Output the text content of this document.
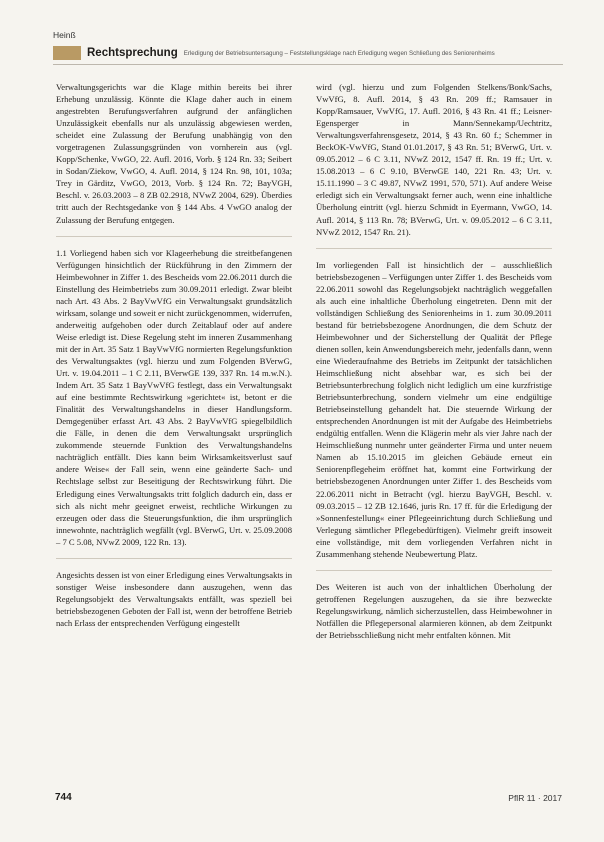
Heinß
Rechtsprechung Erledigung der Betriebsuntersagung – Feststellungsklage nach Erledigung wegen Schließung des Seniorenheims

Verwaltungsgerichts war die Klage mithin bereits bei ihrer Erhebung unzulässig. Könnte die Klage daher auch in einem angestrebten Berufungsverfahren aufgrund der anfänglichen Unzulässigkeit ebenfalls nur als unzulässig abgewiesen werden, scheidet eine Zulassung der Berufung unabhängig von den vorgetragenen Zulassungsgründen von vornherein aus (vgl. Kopp/Schenke, VwGO, 22. Aufl. 2016, Vorb. § 124 Rn. 33; Seibert in Sodan/Ziekow, VwGO, 4. Aufl. 2014, § 124 Rn. 98, 101, 103a; Trey in Gärditz, VwGO, 2013, Vorb. § 124 Rn. 72; BayVGH, Beschl. v. 26.03.2003 – 8 ZB 02.2918, NVwZ 2004, 629). Überdies tritt auch der Rechtsgedanke von § 144 Abs. 4 VwGO analog der Zulassung der Berufung entgegen.

1.1 Vorliegend haben sich vor Klageerhebung die streitbefangenen Verfügungen hinsichtlich der Rückführung in den Zimmern der Heimbewohner in Ziffer 1. des Bescheids vom 22.06.2011 durch die Einstellung des Heimbetriebs zum 30.09.2011 erledigt. Zwar bleibt nach Art. 43 Abs. 2 BayVwVfG ein Verwaltungsakt grundsätzlich wirksam, solange und soweit er nicht zurückgenommen, widerrufen, anderweitig aufgehoben oder durch Zeitablauf oder auf andere Weise erledigt ist. Diese Regelung steht im inneren Zusammenhang mit der in Art. 35 Satz 1 BayVwVfG normierten Regelungsfunktion des Verwaltungsaktes (vgl. hierzu und zum Folgenden BVerwG, Urt. v. 19.04.2011 – 1 C 2.11, BVerwGE 139, 337 Rn. 14 m.w.N.). Indem Art. 35 Satz 1 BayVwVfG festlegt, dass ein Verwaltungsakt auf eine bestimmte Rechtswirkung »gerichtet« ist, betont er die Finalität des Verwaltungshandelns in dieser Handlungsform. Demgegenüber erfasst Art. 43 Abs. 2 BayVwVfG spiegelbildlich die Fälle, in denen die dem Verwaltungsakt ursprünglich zukommende steuernde Funktion des Verwaltungshandelns nachträglich entfällt. Dies kann beim Wirksamkeitsverlust sauf andere Weise« der Fall sein, wenn eine geänderte Sach- und Rechtslage selbst zur Beseitigung der Rechtswirkung führt. Die Erledigung eines Verwaltungsakts tritt folglich dadurch ein, dass er sich als nicht mehr geeignet erweist, rechtliche Wirkungen zu erzeugen oder dass die Steuerungsfunktion, die ihm ursprünglich innewohnte, nachträglich wegfällt (vgl. BVerwG, Urt. v. 25.09.2008 – 7 C 5.08, NVwZ 2009, 122 Rn. 13).

Angesichts dessen ist von einer Erledigung eines Verwaltungsakts in sonstiger Weise insbesondere dann auszugehen, wenn das Regelungsobjekt des Verwaltungsakts entfällt, was speziell bei betriebsbezogenen Geboten der Fall ist, wenn der betroffene Betrieb nach Erlass der entsprechenden Verfügung eingestellt

wird (vgl. hierzu und zum Folgenden Stelkens/Bonk/Sachs, VwVfG, 8. Aufl. 2014, § 43 Rn. 209 ff.; Ramsauer in Kopp/Ramsauer, VwVfG, 17. Aufl. 2016, § 43 Rn. 41 ff.; Leisner-Egensperger in Mann/Sennekamp/Uechtritz, Verwaltungsverfahrensgesetz, 2014, § 43 Rn. 60 f.; Schemmer in BeckOK-VwVfG, Stand 01.01.2017, § 43 Rn. 51; BVerwG, Urt. v. 09.05.2012 – 6 C 3.11, NVwZ 2012, 1547 ff. Rn. 19 ff.; Urt. v. 15.08.2013 – 6 C 9.10, BVerwGE 140, 221 Rn. 43; Urt. v. 15.11.1990 – 3 C 49.87, NVwZ 1991, 570, 571). Auf andere Weise erledigt sich ein Verwaltungsakt ferner auch, wenn eine inhaltliche Überholung eintritt (vgl. hierzu Schmidt in Eyermann, VwGO, 14. Aufl. 2014, § 113 Rn. 78; BVerwG, Urt. v. 09.05.2012 – 6 C 3.11, NVwZ 2012, 1547 Rn. 21).

Im vorliegenden Fall ist hinsichtlich der – ausschließlich betriebsbezogenen – Verfügungen unter Ziffer 1. des Bescheids vom 22.06.2011 sowohl das Regelungsobjekt nachträglich weggefallen als auch eine inhaltliche Überholung eingetreten. Denn mit der vollständigen Schließung des Seniorenheims in 1. zum 30.09.2011 bestand für betriebsbezogene Anordnungen, die dem Schutz der Heimbewohner und der Sicherstellung der Qualität der Pflege dienen sollen, kein Anwendungsbereich mehr, jedenfalls dann, wenn eine Wiederaufnahme des Betriebs im Zeitpunkt der tatsächlichen Heimschließung nicht absehbar war, es sich bei der Betriebsunterbrechung folglich nicht lediglich um eine kurzfristige Betriebsunterbrechung, sondern vielmehr um eine endgültige Betriebseinstellung gehandelt hat. Die steuernde Wirkung der entsprechenden Anordnungen ist mit der Aufgabe des Heimbetriebs endgültig entfallen. Wenn die Klägerin mehr als vier Jahre nach der Heimschließung nunmehr unter geänderter Firma und unter neuem Namen ab 15.10.2015 im gleichen Gebäude erneut ein Seniorenpflegeheim eröffnet hat, kommt eine Fortwirkung der betriebsbezogenen Anordnungen unter Ziffer 1. des Bescheids vom 22.06.2011 nicht in Betracht (vgl. hierzu BayVGH, Beschl. v. 09.03.2015 – 12 ZB 12.1646, juris Rn. 17 ff. für die Erledigung der »Sonnenfestellung« einer Pflegeeinrichtung durch Schließung und Verlegung sämtlicher Pflegebedürftigen). Vielmehr greift insoweit eine vollständige, mit dem vorliegenden Verfahren nicht in Zusammenhang stehende Neubewertung Platz.

Des Weiteren ist auch von der inhaltlichen Überholung der getroffenen Regelungen auszugehen, da sie ihre bezweckte Regelungswirkung, nämlich sicherzustellen, dass Heimbewohner in Notfällen die Pflegepersonal alarmieren können, ab dem Zeitpunkt der Betriebsschließung nicht mehr entfalten können. Mit

744	PflR 11 · 2017
